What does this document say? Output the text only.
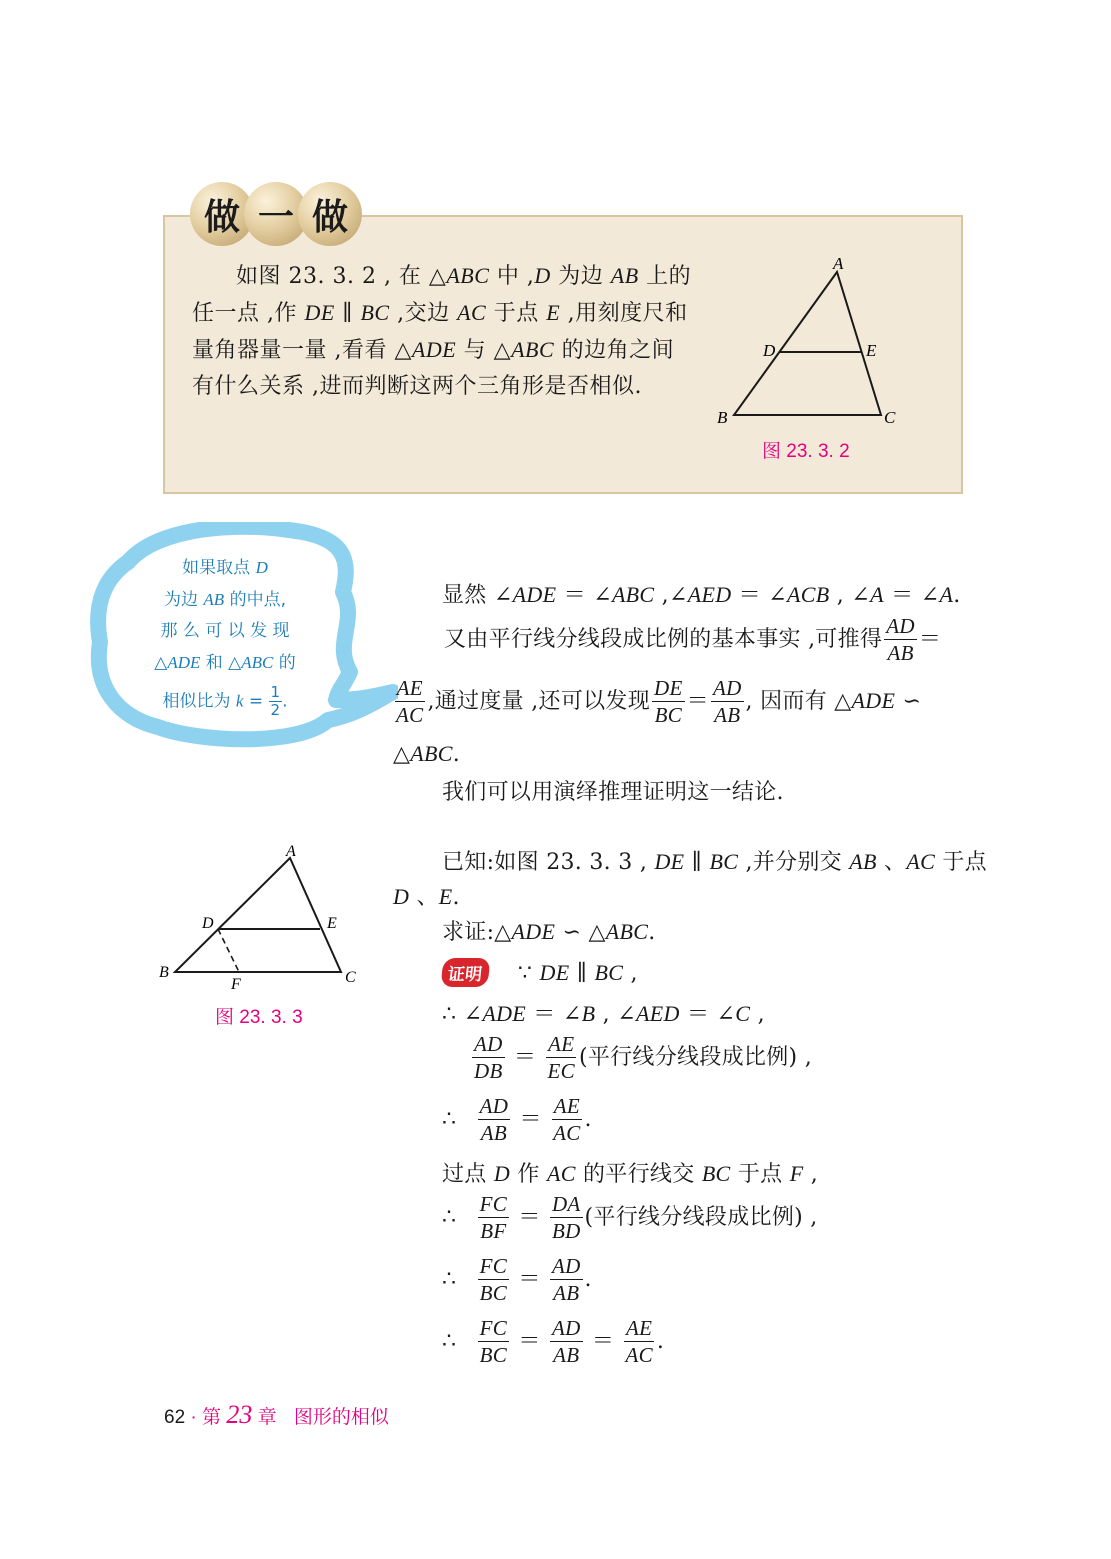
做 一 做
如图 23. 3. 2 , 在 △ABC 中 ,D 为边 AB 上的任一点 ,作 DE ∥ BC ,交边 AC 于点 E ,用刻度尺和量角器量一量 ,看看 △ADE 与 △ABC 的边角之间有什么关系 ,进而判断这两个三角形是否相似.
A
B	C
D	E
图 23. 3. 2
如果取点 D
为边 AB 的中点,
那 么 可 以 发 现
△ADE 和 △ABC 的
相似比为 $k = \frac{1}{2}$ .
显然 ∠ADE ＝ ∠ABC ,∠AED ＝ ∠ACB , ∠A ＝ ∠A.
又由平行线分线段成比例的基本事实 ,可推得 $\frac{AD}{AB}$ ＝
$\frac{AE}{AC}$ ,通过度量 ,还可以发现 $\frac{DE}{BC} = \frac{AD}{AB}$ , 因而有 △ADE ∽
△ABC.
我们可以用演绎推理证明这一结论.
A
B	C
D	E
F
图 23. 3. 3
已知:如图 23. 3. 3 , DE ∥ BC ,并分别交 AB 、AC 于点
D 、E.
求证:△ADE ∽ △ABC.
证明 ∵ DE ∥ BC ,
∴ ∠ADE ＝ ∠B , ∠AED ＝ ∠C ,
$\frac{AD}{DB} = \frac{AE}{EC}$ (平行线分线段成比例) ,
∴ $\frac{AD}{AB} = \frac{AE}{AC}$ .
过点 D 作 AC 的平行线交 BC 于点 F ,
∴ $\frac{FC}{BF} = \frac{DA}{BD}$ (平行线分线段成比例) ,
∴ $\frac{FC}{BC} = \frac{AD}{AB}$ .
∴ $\frac{FC}{BC} = \frac{AD}{AB} = \frac{AE}{AC}$ .
62 · 第 23 章 图形的相似
